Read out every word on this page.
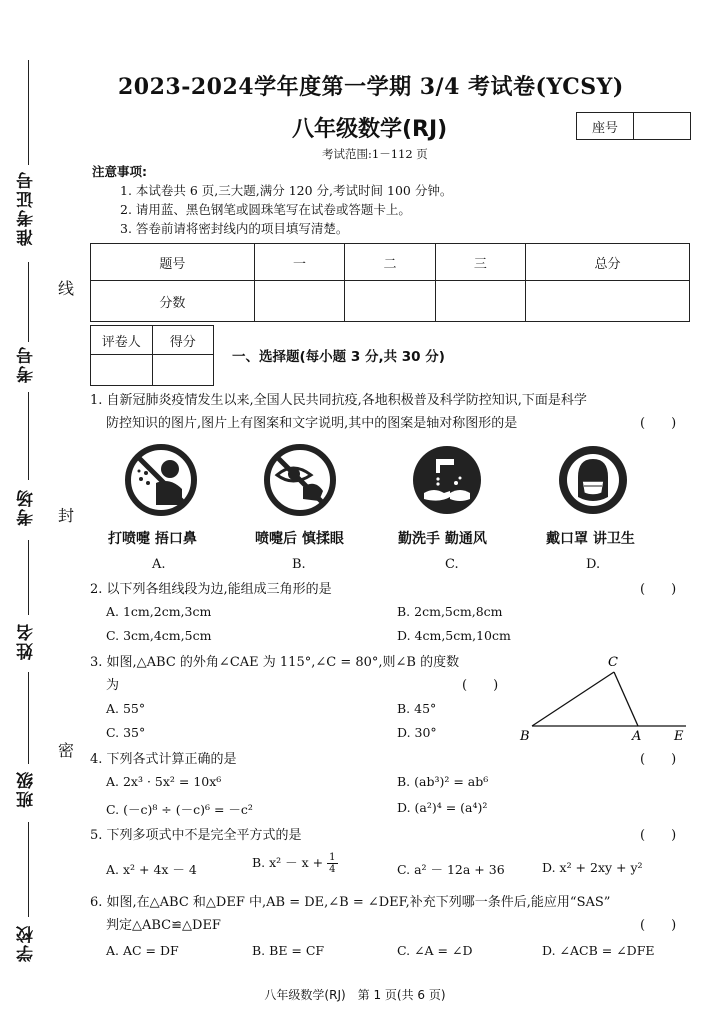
准考证号
考号
考场
姓名
班级
学校
线
封
密
2023-2024学年度第一学期 3/4 考试卷(YCSY)
八年级数学(RJ)	座号
考试范围:1－112 页
注意事项:
1. 本试卷共 6 页,三大题,满分 120 分,考试时间 100 分钟。
2. 请用蓝、黑色钢笔或圆珠笔写在试卷或答题卡上。
3. 答卷前请将密封线内的项目填写清楚。
题号	一	二	三	总分
分数				
评卷人	得分

一、选择题(每小题 3 分,共 30 分)
1. 自新冠肺炎疫情发生以来,全国人民共同抗疫,各地积极普及科学防控知识,下面是科学
防控知识的图片,图片上有图案和文字说明,其中的图案是轴对称图形的是	(　　)
打喷嚏 捂口鼻	喷嚏后 慎揉眼	勤洗手 勤通风	戴口罩 讲卫生
A.	B.	C.	D.
2. 以下列各组线段为边,能组成三角形的是	(　　)
A. 1cm,2cm,3cm	B. 2cm,5cm,8cm
C. 3cm,4cm,5cm	D. 4cm,5cm,10cm
3. 如图,△ABC 的外角∠CAE 为 115°,∠C = 80°,则∠B 的度数
为	(　　)
A. 55°	B. 45°
C. 35°	D. 30°
C
B	A	E
4. 下列各式计算正确的是	(　　)
A. 2x³ · 5x² = 10x⁶	B. (ab³)² = ab⁶
C. (－c)⁸ ÷ (－c)⁶ = －c²	D. (a²)⁴ = (a⁴)²
5. 下列多项式中不是完全平方式的是	(　　)
A. x² + 4x － 4	B. $x^2 - x + \frac{1}{4}$	C. a² － 12a + 36	D. x² + 2xy + y²
6. 如图,在△ABC 和△DEF 中,AB = DE,∠B = ∠DEF,补充下列哪一条件后,能应用“SAS”
判定△ABC≌△DEF	(　　)
A. AC = DF	B. BE = CF	C. ∠A = ∠D	D. ∠ACB = ∠DFE
八年级数学(RJ)　第 1 页(共 6 页)
